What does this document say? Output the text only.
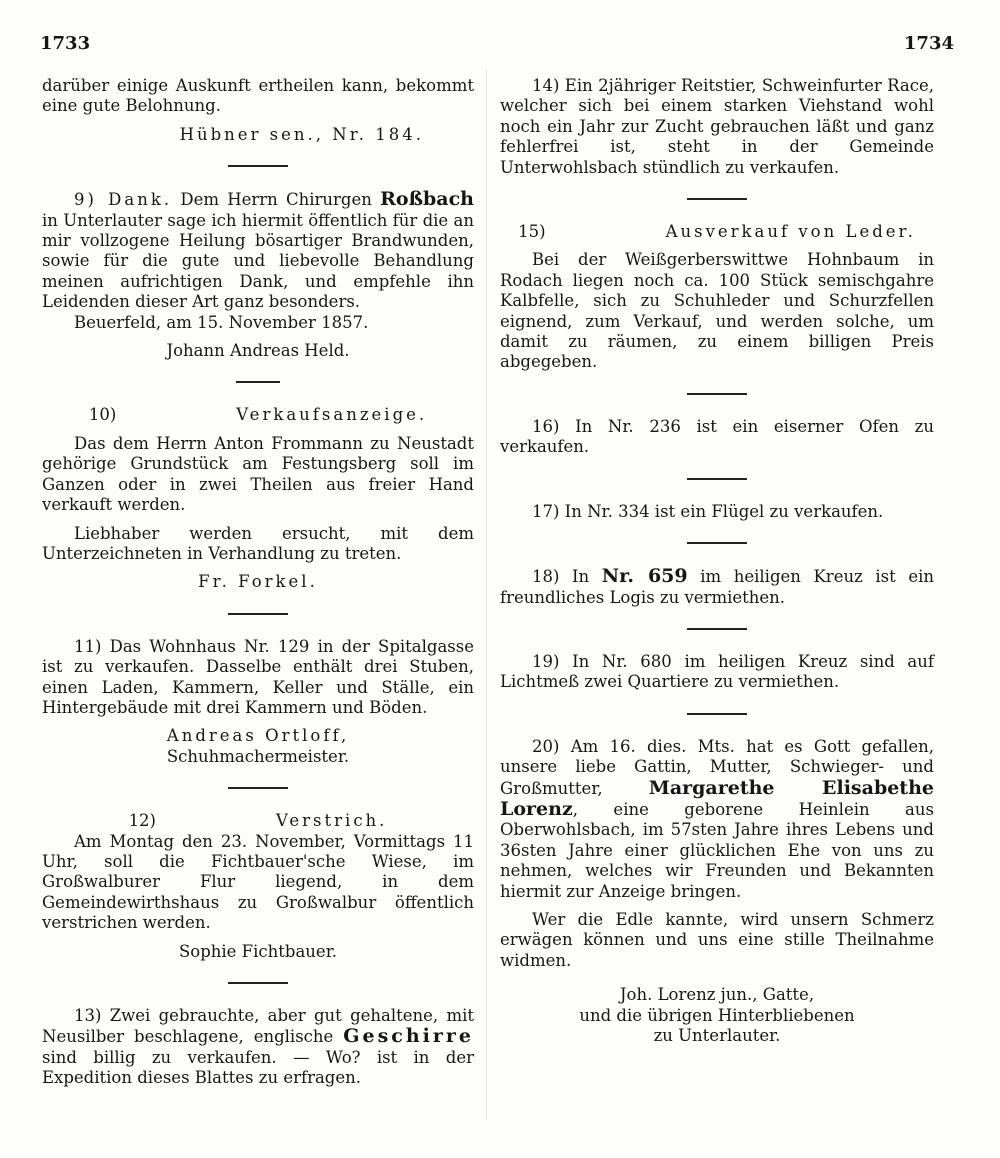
1733	1734

darüber einige Auskunft ertheilen kann, bekommt eine gute Belohnung.

Hübner sen., Nr. 184.

9) Dank. Dem Herrn Chirurgen Roßbach in Unterlauter sage ich hiermit öffentlich für die an mir vollzogene Heilung bösartiger Brandwunden, sowie für die gute und liebevolle Behandlung meinen aufrichtigen Dank, und empfehle ihn Leidenden dieser Art ganz besonders.

Beuerfeld, am 15. November 1857.

Johann Andreas Held.

10)	Verkaufsanzeige.

Das dem Herrn Anton Frommann zu Neustadt gehörige Grundstück am Festungsberg soll im Ganzen oder in zwei Theilen aus freier Hand verkauft werden.

Liebhaber werden ersucht, mit dem Unterzeichneten in Verhandlung zu treten.

Fr. Forkel.

11) Das Wohnhaus Nr. 129 in der Spitalgasse ist zu verkaufen. Dasselbe enthält drei Stuben, einen Laden, Kammern, Keller und Ställe, ein Hintergebäude mit drei Kammern und Böden.

Andreas Ortloff,

Schuhmachermeister.

12)	Verstrich.

Am Montag den 23. November, Vormittags 11 Uhr, soll die Fichtbauer'sche Wiese, im Großwalburer Flur liegend, in dem Gemeindewirthshaus zu Großwalbur öffentlich verstrichen werden.

Sophie Fichtbauer.

13) Zwei gebrauchte, aber gut gehaltene, mit Neusilber beschlagene, englische Geschirre sind billig zu verkaufen. — Wo? ist in der Expedition dieses Blattes zu erfragen.

14) Ein 2jähriger Reitstier, Schweinfurter Race, welcher sich bei einem starken Viehstand wohl noch ein Jahr zur Zucht gebrauchen läßt und ganz fehlerfrei ist, steht in der Gemeinde Unterwohlsbach stündlich zu verkaufen.

15)	Ausverkauf von Leder.

Bei der Weißgerberswittwe Hohnbaum in Rodach liegen noch ca. 100 Stück semischgahre Kalbfelle, sich zu Schuhleder und Schurzfellen eignend, zum Verkauf, und werden solche, um damit zu räumen, zu einem billigen Preis abgegeben.

16) In Nr. 236 ist ein eiserner Ofen zu verkaufen.

17) In Nr. 334 ist ein Flügel zu verkaufen.

18) In Nr. 659 im heiligen Kreuz ist ein freundliches Logis zu vermiethen.

19) In Nr. 680 im heiligen Kreuz sind auf Lichtmeß zwei Quartiere zu vermiethen.

20) Am 16. dies. Mts. hat es Gott gefallen, unsere liebe Gattin, Mutter, Schwieger- und Großmutter, Margarethe Elisabethe Lorenz, eine geborene Heinlein aus Oberwohlsbach, im 57sten Jahre ihres Lebens und 36sten Jahre einer glücklichen Ehe von uns zu nehmen, welches wir Freunden und Bekannten hiermit zur Anzeige bringen.

Wer die Edle kannte, wird unsern Schmerz erwägen können und uns eine stille Theilnahme widmen.

Joh. Lorenz jun., Gatte,

und die übrigen Hinterbliebenen

zu Unterlauter.
